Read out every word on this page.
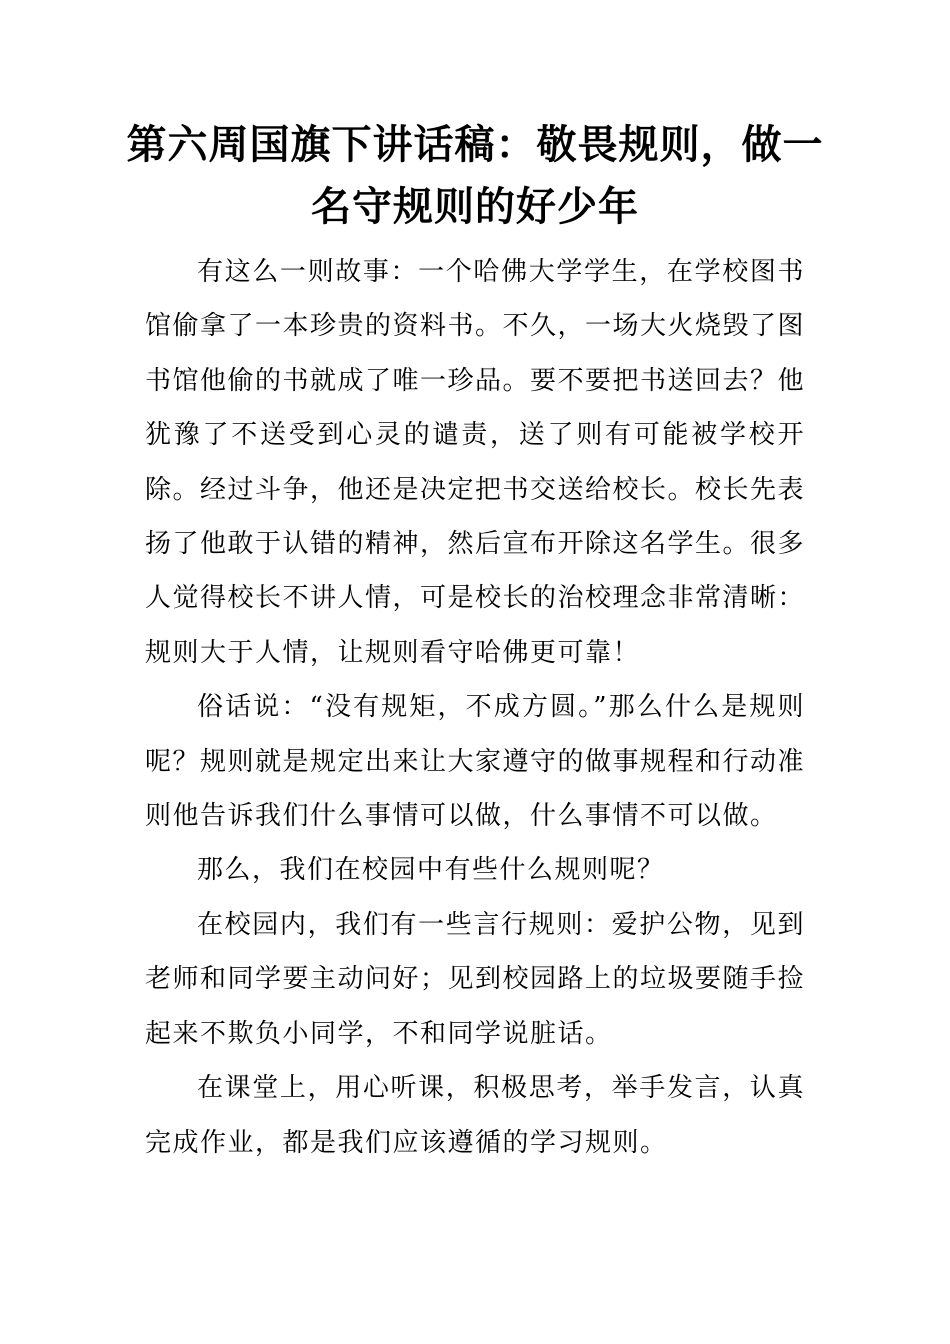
第六周国旗下讲话稿：敬畏规则，做一
名守规则的好少年

有这么一则故事：一个哈佛大学学生，在学校图书馆偷拿了一本珍贵的资料书。不久，一场大火烧毁了图书馆他偷的书就成了唯一珍品。要不要把书送回去？他犹豫了不送受到心灵的谴责，送了则有可能被学校开除。经过斗争，他还是决定把书交送给校长。校长先表扬了他敢于认错的精神，然后宣布开除这名学生。很多人觉得校长不讲人情，可是校长的治校理念非常清晰：规则大于人情，让规则看守哈佛更可靠！

俗话说：“没有规矩，不成方圆。”那么什么是规则呢？规则就是规定出来让大家遵守的做事规程和行动准则他告诉我们什么事情可以做，什么事情不可以做。

那么，我们在校园中有些什么规则呢？

在校园内，我们有一些言行规则：爱护公物，见到老师和同学要主动问好；见到校园路上的垃圾要随手捡起来不欺负小同学，不和同学说脏话。

在课堂上，用心听课，积极思考，举手发言，认真完成作业，都是我们应该遵循的学习规则。
